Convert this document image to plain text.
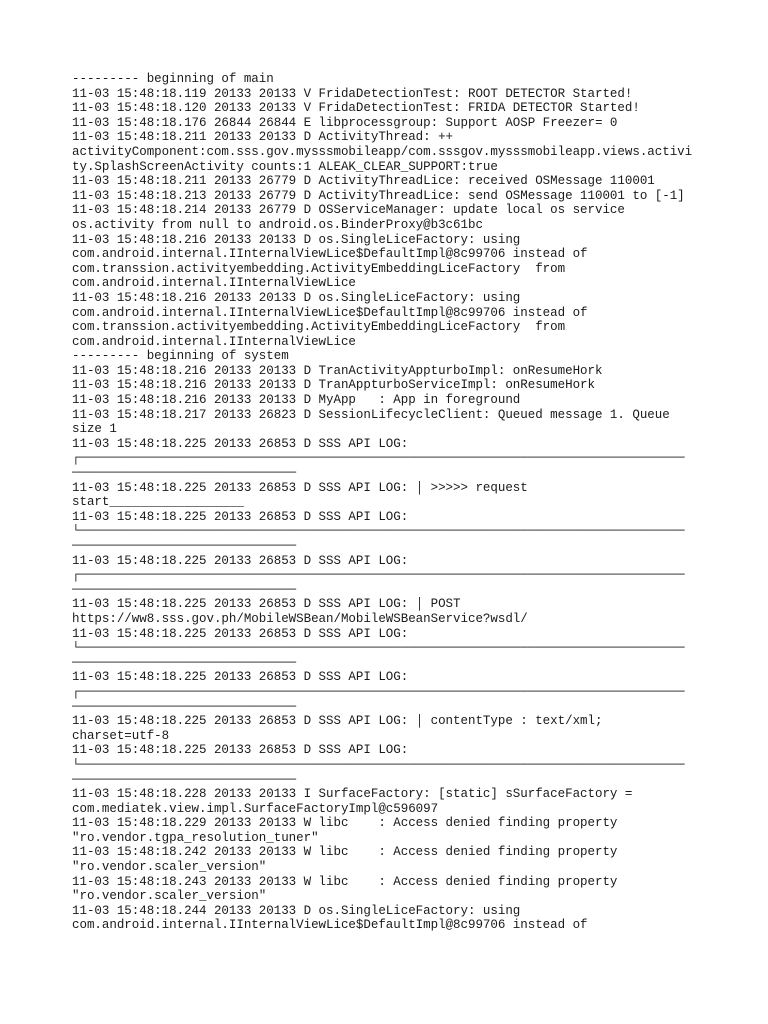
--------- beginning of main
11-03 15:48:18.119 20133 20133 V FridaDetectionTest: ROOT DETECTOR Started!
11-03 15:48:18.120 20133 20133 V FridaDetectionTest: FRIDA DETECTOR Started!
11-03 15:48:18.176 26844 26844 E libprocessgroup: Support AOSP Freezer= 0
11-03 15:48:18.211 20133 20133 D ActivityThread: ++
activityComponent:com.sss.gov.mysssmobileapp/com.sssgov.mysssmobileapp.views.activi
ty.SplashScreenActivity counts:1 ALEAK_CLEAR_SUPPORT:true
11-03 15:48:18.211 20133 26779 D ActivityThreadLice: received OSMessage 110001
11-03 15:48:18.213 20133 26779 D ActivityThreadLice: send OSMessage 110001 to [-1]
11-03 15:48:18.214 20133 26779 D OSServiceManager: update local os service
os.activity from null to android.os.BinderProxy@b3c61bc
11-03 15:48:18.216 20133 20133 D os.SingleLiceFactory: using
com.android.internal.IInternalViewLice$DefaultImpl@8c99706 instead of
com.transsion.activityembedding.ActivityEmbeddingLiceFactory  from
com.android.internal.IInternalViewLice
11-03 15:48:18.216 20133 20133 D os.SingleLiceFactory: using
com.android.internal.IInternalViewLice$DefaultImpl@8c99706 instead of
com.transsion.activityembedding.ActivityEmbeddingLiceFactory  from
com.android.internal.IInternalViewLice
--------- beginning of system
11-03 15:48:18.216 20133 20133 D TranActivityAppturboImpl: onResumeHork
11-03 15:48:18.216 20133 20133 D TranAppturboServiceImpl: onResumeHork
11-03 15:48:18.216 20133 20133 D MyApp   : App in foreground
11-03 15:48:18.217 20133 26823 D SessionLifecycleClient: Queued message 1. Queue
size 1
11-03 15:48:18.225 20133 26853 D SSS API LOG:
┌─────────────────────────────────────────────────────────────────────────────────
──────────────────────────────
11-03 15:48:18.225 20133 26853 D SSS API LOG: │ >>>>> request
start__________________
11-03 15:48:18.225 20133 26853 D SSS API LOG:
└─────────────────────────────────────────────────────────────────────────────────
──────────────────────────────
11-03 15:48:18.225 20133 26853 D SSS API LOG:
┌─────────────────────────────────────────────────────────────────────────────────
──────────────────────────────
11-03 15:48:18.225 20133 26853 D SSS API LOG: │ POST
https://ww8.sss.gov.ph/MobileWSBean/MobileWSBeanService?wsdl/
11-03 15:48:18.225 20133 26853 D SSS API LOG:
└─────────────────────────────────────────────────────────────────────────────────
──────────────────────────────
11-03 15:48:18.225 20133 26853 D SSS API LOG:
┌─────────────────────────────────────────────────────────────────────────────────
──────────────────────────────
11-03 15:48:18.225 20133 26853 D SSS API LOG: │ contentType : text/xml;
charset=utf-8
11-03 15:48:18.225 20133 26853 D SSS API LOG:
└─────────────────────────────────────────────────────────────────────────────────
──────────────────────────────
11-03 15:48:18.228 20133 20133 I SurfaceFactory: [static] sSurfaceFactory =
com.mediatek.view.impl.SurfaceFactoryImpl@c596097
11-03 15:48:18.229 20133 20133 W libc    : Access denied finding property
"ro.vendor.tgpa_resolution_tuner"
11-03 15:48:18.242 20133 20133 W libc    : Access denied finding property
"ro.vendor.scaler_version"
11-03 15:48:18.243 20133 20133 W libc    : Access denied finding property
"ro.vendor.scaler_version"
11-03 15:48:18.244 20133 20133 D os.SingleLiceFactory: using
com.android.internal.IInternalViewLice$DefaultImpl@8c99706 instead of
